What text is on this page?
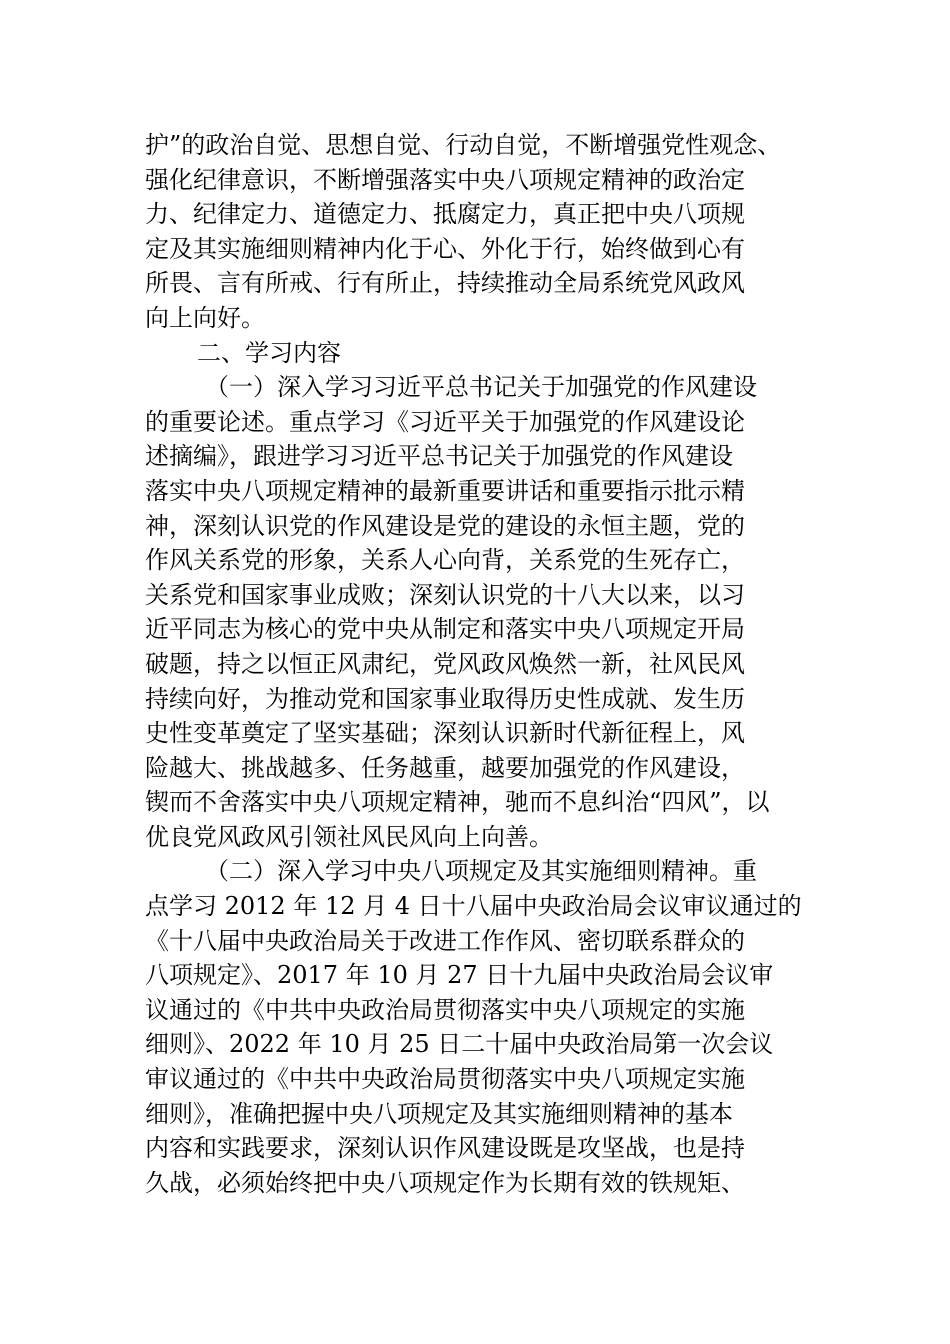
护”的政治自觉、思想自觉、行动自觉，不断增强党性观念、
强化纪律意识，不断增强落实中央八项规定精神的政治定
力、纪律定力、道德定力、抵腐定力，真正把中央八项规
定及其实施细则精神内化于心、外化于行，始终做到心有
所畏、言有所戒、行有所止，持续推动全局系统党风政风
向上向好。
二、学习内容
（一）深入学习习近平总书记关于加强党的作风建设
的重要论述。重点学习《习近平关于加强党的作风建设论
述摘编》，跟进学习习近平总书记关于加强党的作风建设
落实中央八项规定精神的最新重要讲话和重要指示批示精
神，深刻认识党的作风建设是党的建设的永恒主题，党的
作风关系党的形象，关系人心向背，关系党的生死存亡，
关系党和国家事业成败；深刻认识党的十八大以来，以习
近平同志为核心的党中央从制定和落实中央八项规定开局
破题，持之以恒正风肃纪，党风政风焕然一新，社风民风
持续向好，为推动党和国家事业取得历史性成就、发生历
史性变革奠定了坚实基础；深刻认识新时代新征程上，风
险越大、挑战越多、任务越重，越要加强党的作风建设，
锲而不舍落实中央八项规定精神，驰而不息纠治“四风”，以
优良党风政风引领社风民风向上向善。
（二）深入学习中央八项规定及其实施细则精神。重
点学习 2012 年 12 月 4 日十八届中央政治局会议审议通过的
《十八届中央政治局关于改进工作作风、密切联系群众的
八项规定》、2017 年 10 月 27 日十九届中央政治局会议审
议通过的《中共中央政治局贯彻落实中央八项规定的实施
细则》、2022 年 10 月 25 日二十届中央政治局第一次会议
审议通过的《中共中央政治局贯彻落实中央八项规定实施
细则》，准确把握中央八项规定及其实施细则精神的基本
内容和实践要求，深刻认识作风建设既是攻坚战，也是持
久战，必须始终把中央八项规定作为长期有效的铁规矩、
